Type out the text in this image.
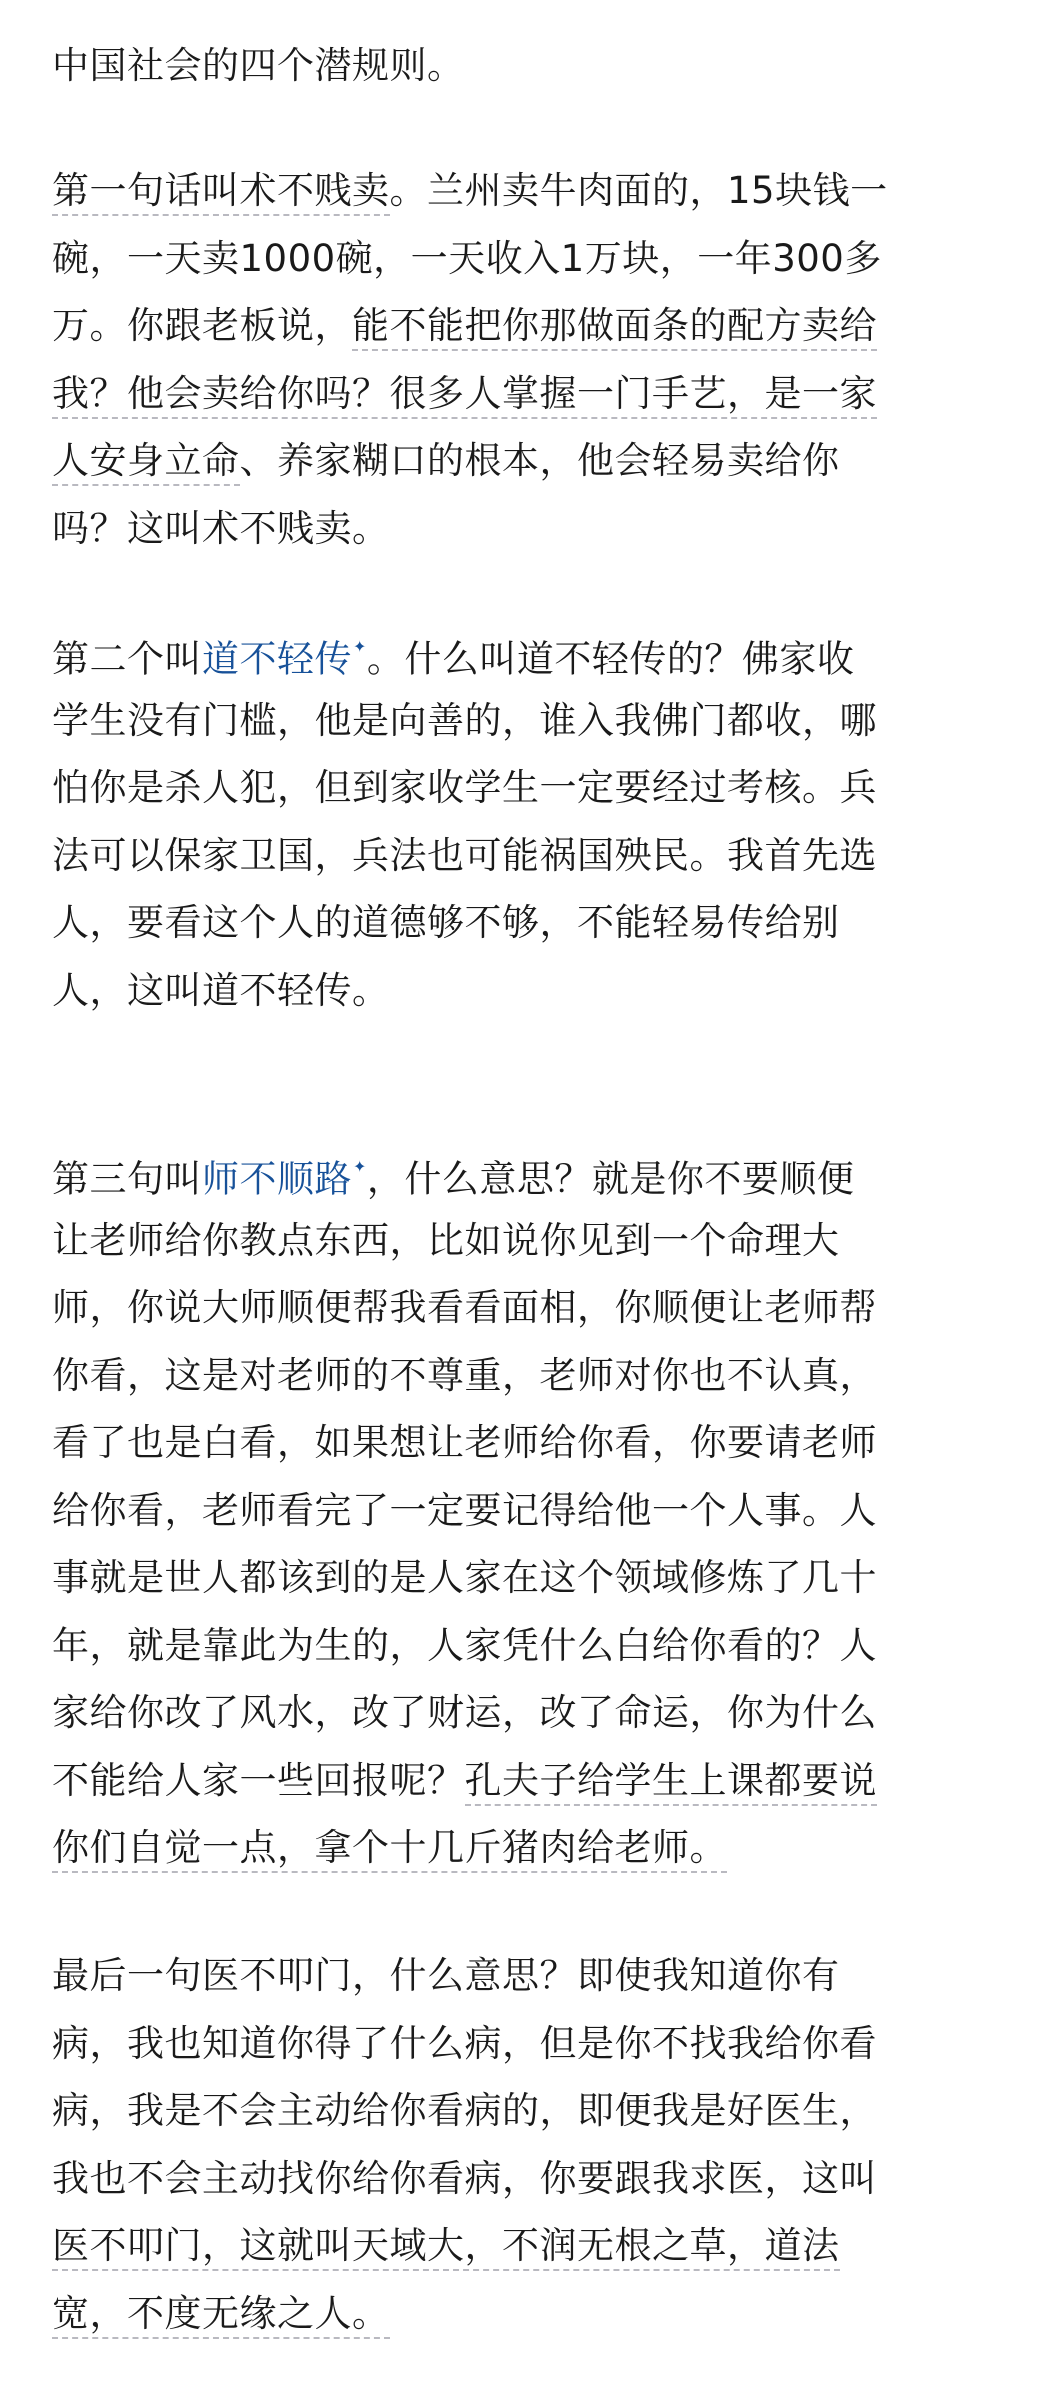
中国社会的四个潜规则。
第一句话叫术不贱卖。兰州卖牛肉面的，15块钱一
碗，一天卖1000碗，一天收入1万块，一年300多
万。你跟老板说，能不能把你那做面条的配方卖给
我？他会卖给你吗？很多人掌握一门手艺，是一家
人安身立命、养家糊口的根本，他会轻易卖给你
吗？这叫术不贱卖。
第二个叫道不轻传✦。什么叫道不轻传的？佛家收
学生没有门槛，他是向善的，谁入我佛门都收，哪
怕你是杀人犯，但到家收学生一定要经过考核。兵
法可以保家卫国，兵法也可能祸国殃民。我首先选
人，要看这个人的道德够不够，不能轻易传给别
人，这叫道不轻传。
第三句叫师不顺路✦，什么意思？就是你不要顺便
让老师给你教点东西，比如说你见到一个命理大
师，你说大师顺便帮我看看面相，你顺便让老师帮
你看，这是对老师的不尊重，老师对你也不认真，
看了也是白看，如果想让老师给你看，你要请老师
给你看，老师看完了一定要记得给他一个人事。人
事就是世人都该到的是人家在这个领域修炼了几十
年，就是靠此为生的，人家凭什么白给你看的？人
家给你改了风水，改了财运，改了命运，你为什么
不能给人家一些回报呢？孔夫子给学生上课都要说
你们自觉一点，拿个十几斤猪肉给老师。
最后一句医不叩门，什么意思？即使我知道你有
病，我也知道你得了什么病，但是你不找我给你看
病，我是不会主动给你看病的，即便我是好医生，
我也不会主动找你给你看病，你要跟我求医，这叫
医不叩门，这就叫天域大，不润无根之草，道法
宽，不度无缘之人。
